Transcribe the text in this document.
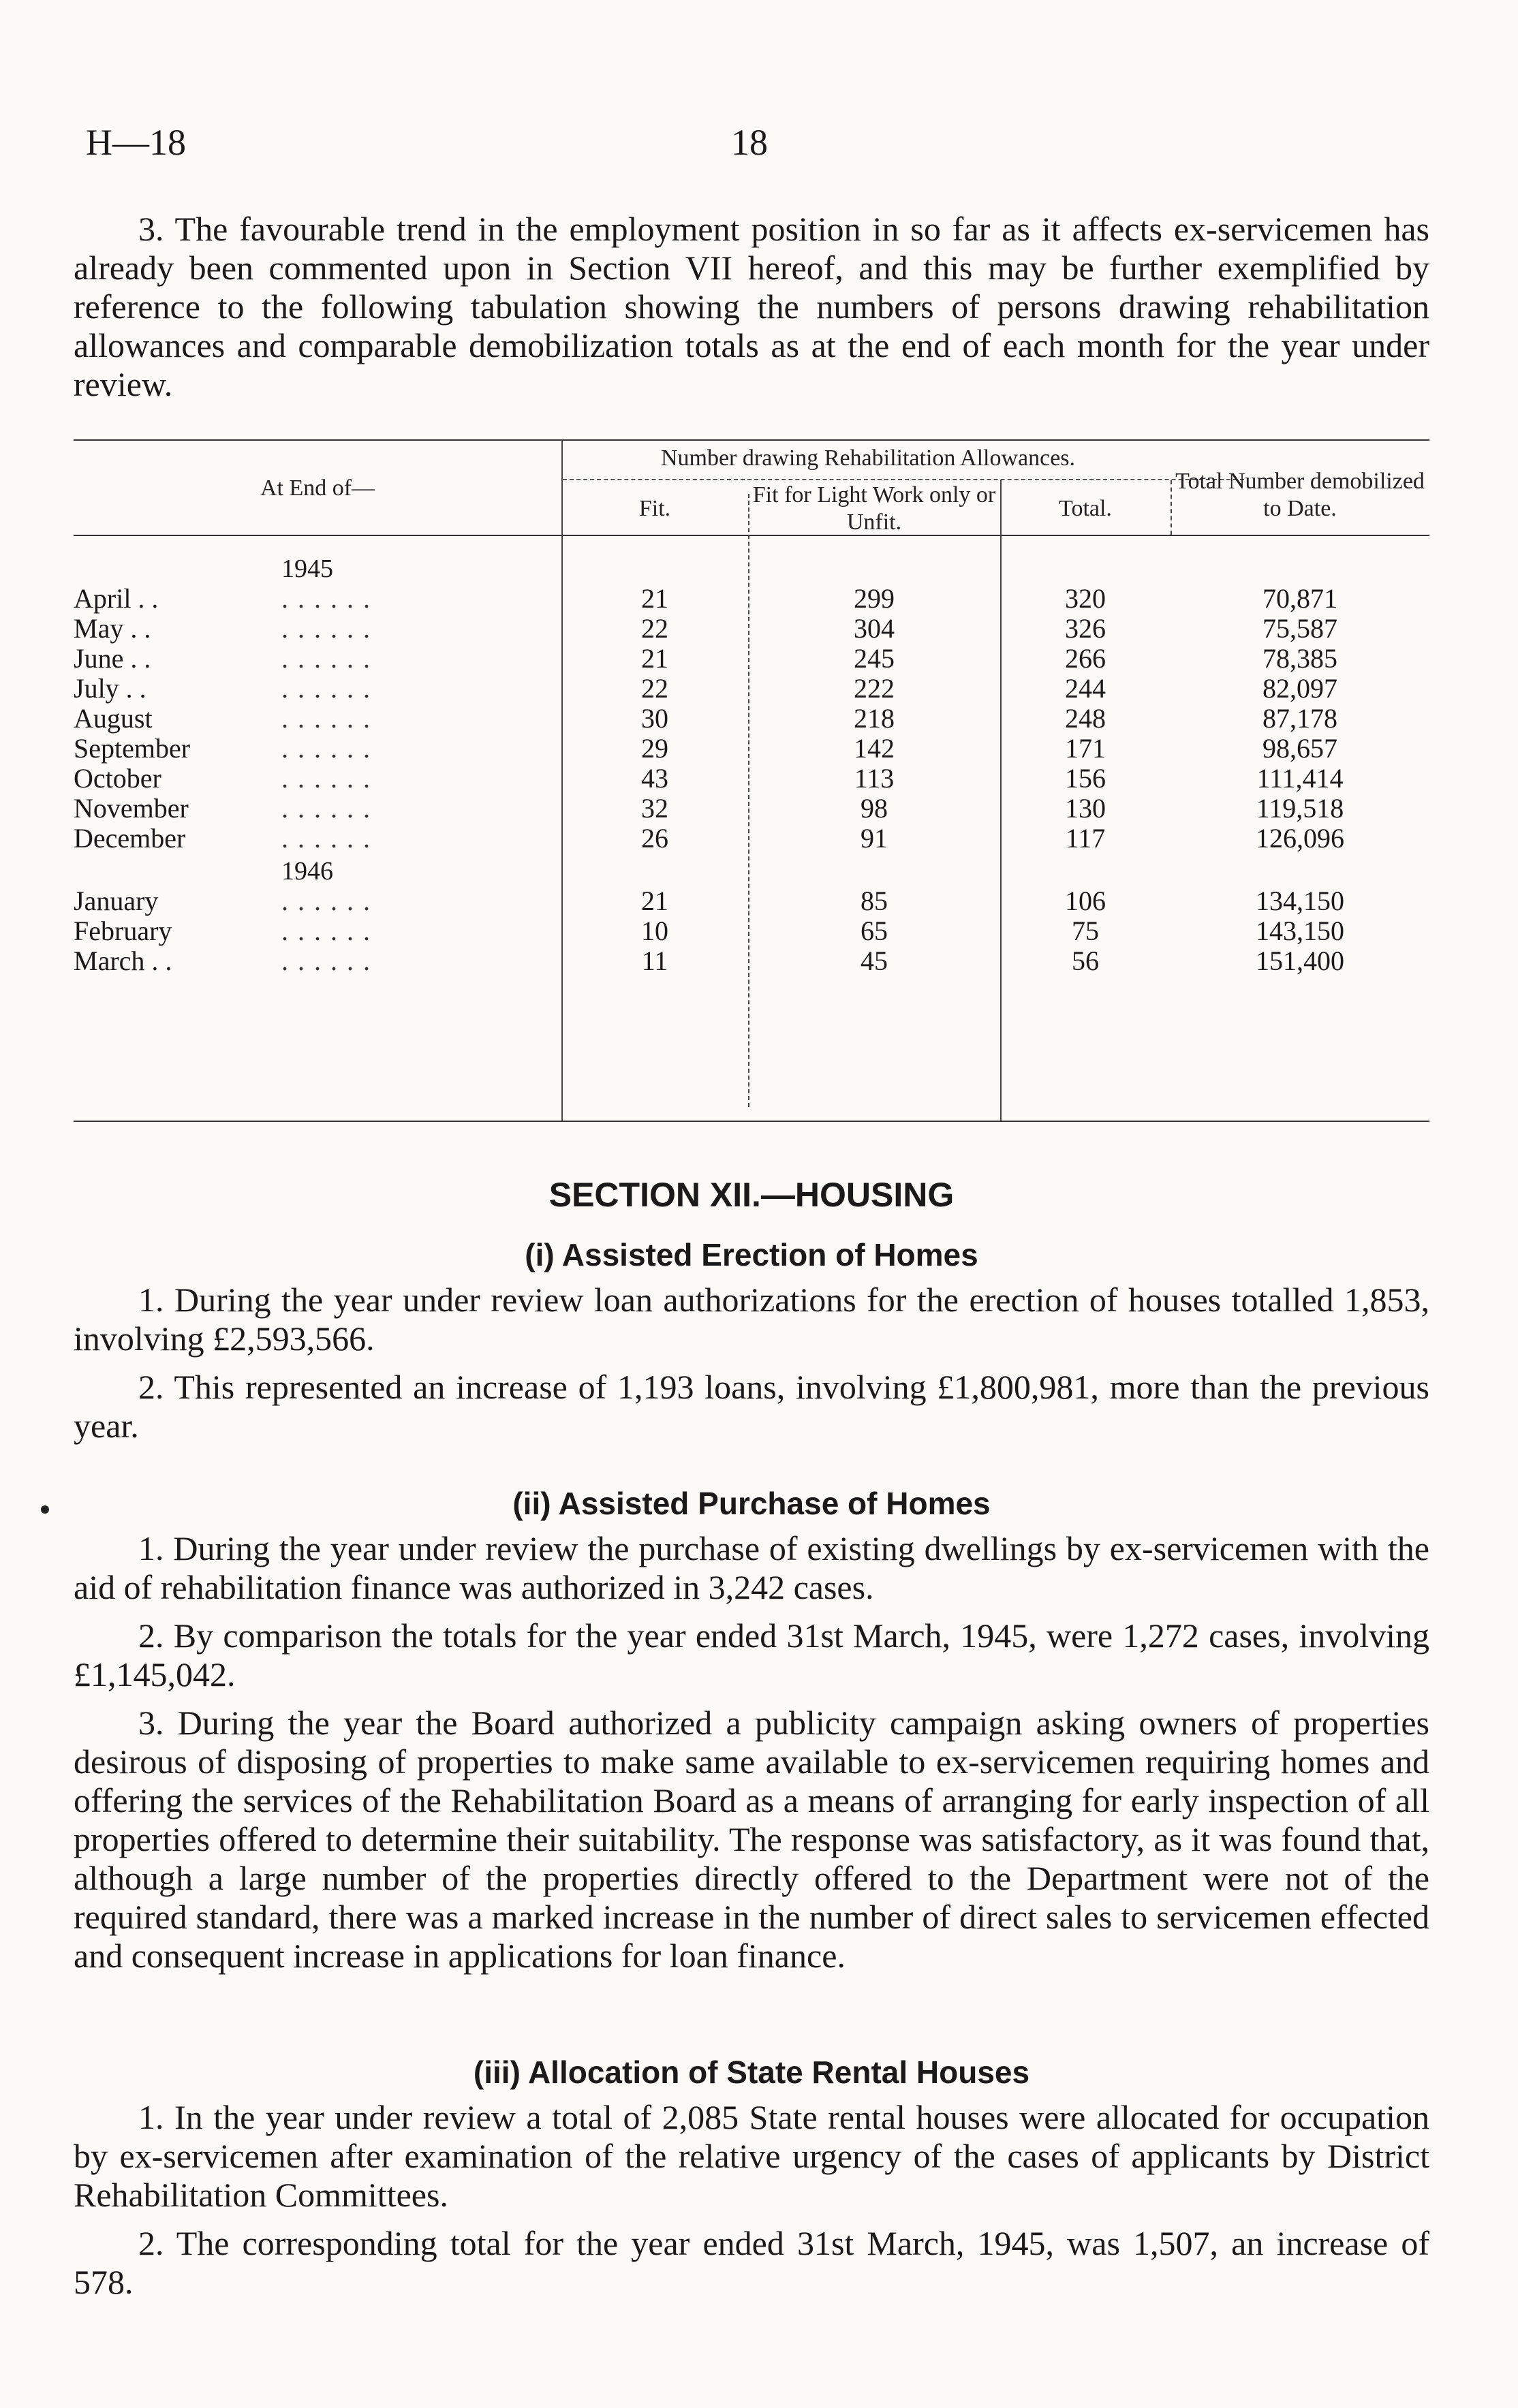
H—18	18

3. The favourable trend in the employment position in so far as it affects ex-servicemen has already been commented upon in Section VII hereof, and this may be further exemplified by reference to the following tabulation showing the numbers of persons drawing rehabilitation allowances and comparable demobilization totals as at the end of each month for the year under review.

At End of—
Number drawing Rehabilitation Allowances.
Fit.
Fit for Light Work only or Unfit.
Total.
Total Number demobilized to Date.
1945
1946
April . .	. . . . . .	21	299	320	70,871
May . .	. . . . . .	22	304	326	75,587
June . .	. . . . . .	21	245	266	78,385
July . .	. . . . . .	22	222	244	82,097
August	. . . . . .	30	218	248	87,178
September	. . . . . .	29	142	171	98,657
October	. . . . . .	43	113	156	111,414
November	. . . . . .	32	98	130	119,518
December	. . . . . .	26	91	117	126,096
January	. . . . . .	21	85	106	134,150
February	. . . . . .	10	65	75	143,150
March . .	. . . . . .	11	45	56	151,400
SECTION XII.—HOUSING
(i) Assisted Erection of Homes

1. During the year under review loan authorizations for the erection of houses totalled 1,853, involving £2,593,566.

2. This represented an increase of 1,193 loans, involving £1,800,981, more than the previous year.

(ii) Assisted Purchase of Homes

1. During the year under review the purchase of existing dwellings by ex-servicemen with the aid of rehabilitation finance was authorized in 3,242 cases.

2. By comparison the totals for the year ended 31st March, 1945, were 1,272 cases, involving £1,145,042.

3. During the year the Board authorized a publicity campaign asking owners of properties desirous of disposing of properties to make same available to ex-servicemen requiring homes and offering the services of the Rehabilitation Board as a means of arranging for early inspection of all properties offered to determine their suitability. The response was satisfactory, as it was found that, although a large number of the properties directly offered to the Department were not of the required standard, there was a marked increase in the number of direct sales to servicemen effected and consequent increase in applications for loan finance.

(iii) Allocation of State Rental Houses

1. In the year under review a total of 2,085 State rental houses were allocated for occupation by ex-servicemen after examination of the relative urgency of the cases of applicants by District Rehabilitation Committees.

2. The corresponding total for the year ended 31st March, 1945, was 1,507, an increase of 578.
